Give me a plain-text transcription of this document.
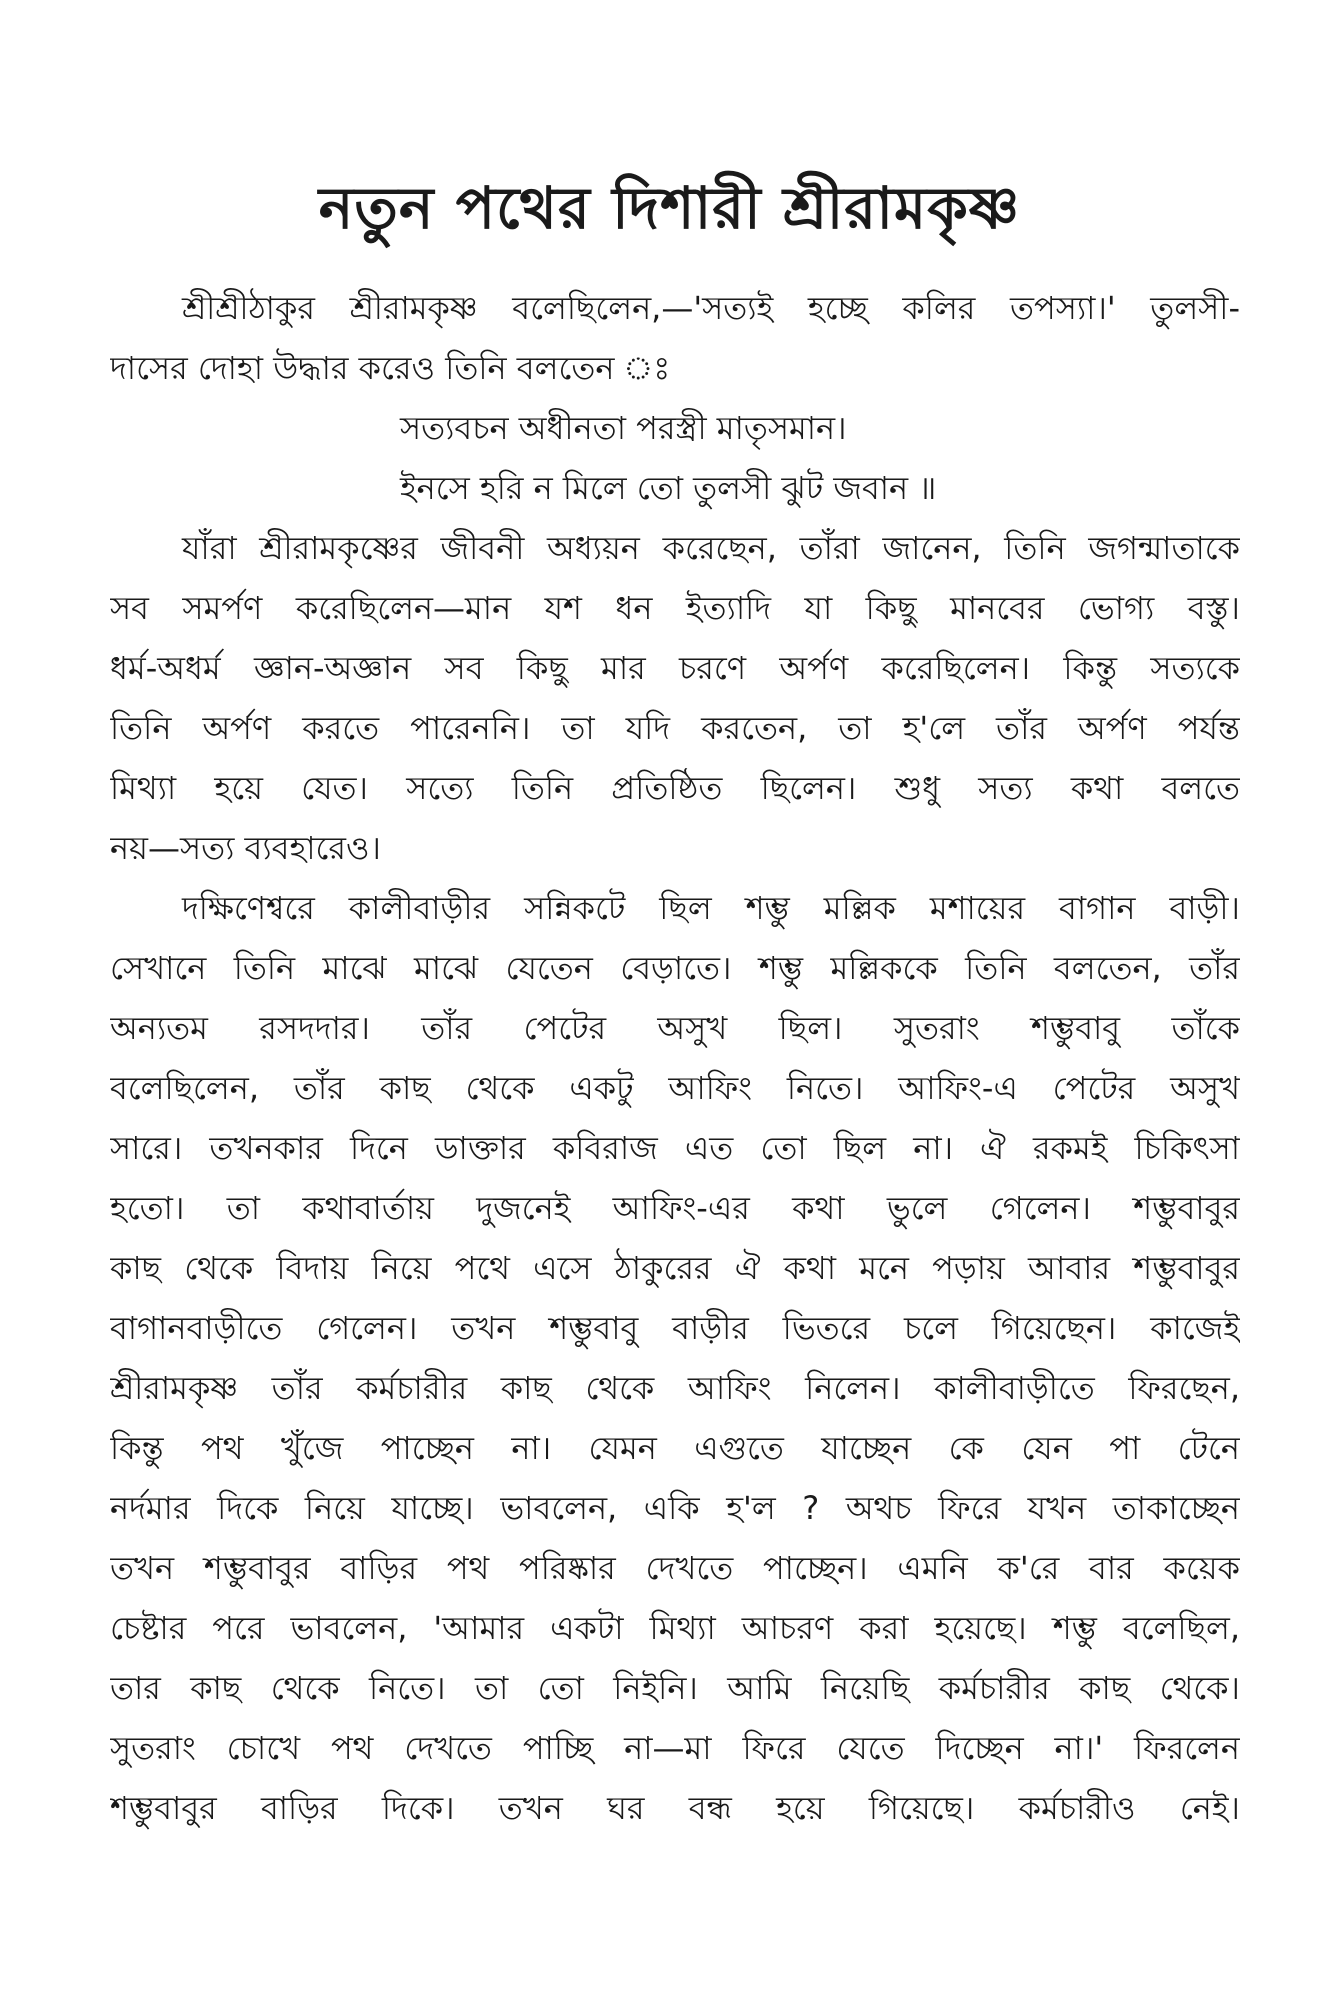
নতুন পথের দিশারী শ্রীরামকৃষ্ণ
শ্রীশ্রীঠাকুর শ্রীরামকৃষ্ণ বলেছিলেন,—'সত্যই হচ্ছে কলির তপস্যা।' তুলসী-
দাসের দোহা উদ্ধার করেও তিনি বলতেন ঃ
সত্যবচন অধীনতা পরস্ত্রী মাতৃসমান।
ইনসে হরি ন মিলে তো তুলসী ঝুট জবান ॥
যাঁরা শ্রীরামকৃষ্ণের জীবনী অধ্যয়ন করেছেন, তাঁরা জানেন, তিনি জগন্মাতাকে
সব সমর্পণ করেছিলেন—মান যশ ধন ইত্যাদি যা কিছু মানবের ভোগ্য বস্তু।
ধর্ম-অধর্ম জ্ঞান-অজ্ঞান সব কিছু মার চরণে অর্পণ করেছিলেন। কিন্তু সত্যকে
তিনি অর্পণ করতে পারেননি। তা যদি করতেন, তা হ'লে তাঁর অর্পণ পর্যন্ত
মিথ্যা হয়ে যেত। সত্যে তিনি প্রতিষ্ঠিত ছিলেন। শুধু সত্য কথা বলতে
নয়—সত্য ব্যবহারেও।
দক্ষিণেশ্বরে কালীবাড়ীর সন্নিকটে ছিল শম্ভু মল্লিক মশায়ের বাগান বাড়ী।
সেখানে তিনি মাঝে মাঝে যেতেন বেড়াতে। শম্ভু মল্লিককে তিনি বলতেন, তাঁর
অন্যতম রসদদার। তাঁর পেটের অসুখ ছিল। সুতরাং শম্ভুবাবু তাঁকে
বলেছিলেন, তাঁর কাছ থেকে একটু আফিং নিতে। আফিং-এ পেটের অসুখ
সারে। তখনকার দিনে ডাক্তার কবিরাজ এত তো ছিল না। ঐ রকমই চিকিৎসা
হতো। তা কথাবার্তায় দুজনেই আফিং-এর কথা ভুলে গেলেন। শম্ভুবাবুর
কাছ থেকে বিদায় নিয়ে পথে এসে ঠাকুরের ঐ কথা মনে পড়ায় আবার শম্ভুবাবুর
বাগানবাড়ীতে গেলেন। তখন শম্ভুবাবু বাড়ীর ভিতরে চলে গিয়েছেন। কাজেই
শ্রীরামকৃষ্ণ তাঁর কর্মচারীর কাছ থেকে আফিং নিলেন। কালীবাড়ীতে ফিরছেন,
কিন্তু পথ খুঁজে পাচ্ছেন না। যেমন এগুতে যাচ্ছেন কে যেন পা টেনে
নর্দমার দিকে নিয়ে যাচ্ছে। ভাবলেন, একি হ'ল ? অথচ ফিরে যখন তাকাচ্ছেন
তখন শম্ভুবাবুর বাড়ির পথ পরিষ্কার দেখতে পাচ্ছেন। এমনি ক'রে বার কয়েক
চেষ্টার পরে ভাবলেন, 'আমার একটা মিথ্যা আচরণ করা হয়েছে। শম্ভু বলেছিল,
তার কাছ থেকে নিতে। তা তো নিইনি। আমি নিয়েছি কর্মচারীর কাছ থেকে।
সুতরাং চোখে পথ দেখতে পাচ্ছি না—মা ফিরে যেতে দিচ্ছেন না।' ফিরলেন
শম্ভুবাবুর বাড়ির দিকে। তখন ঘর বন্ধ হয়ে গিয়েছে। কর্মচারীও নেই।
